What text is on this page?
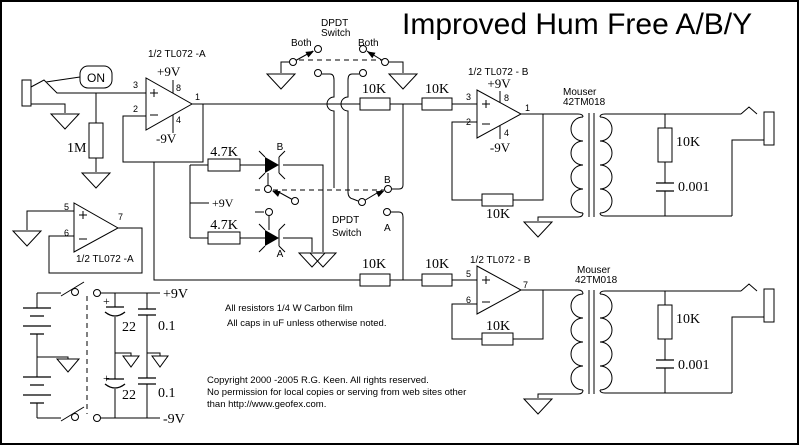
Improved Hum Free A/B/Y
ON
1M
1/2 TL072 -A
+9V
-9V
8
4
3
2
1
1/2 TL072 -A
5
6
7
4.7K
4.7K
+9V
B
A
DPDT
Switch
Both	Both
DPDT
Switch
B
A
10K	10K
10K
1/2 TL072 - B
+9V
-9V
8
4
3
2
1
Mouser
42TM018
10K
0.001
10K	10K
10K
1/2 TL072 - B
5
6
7
Mouser
42TM018
10K
0.001
+9V
-9V
22
22
0.1
0.1
+
+
All resistors 1/4 W Carbon film
All caps in uF unless otherwise noted.
Copyright 2000 -2005 R.G. Keen. All rights reserved.
No permission for local copies or serving from web sites other
than http://www.geofex.com.
